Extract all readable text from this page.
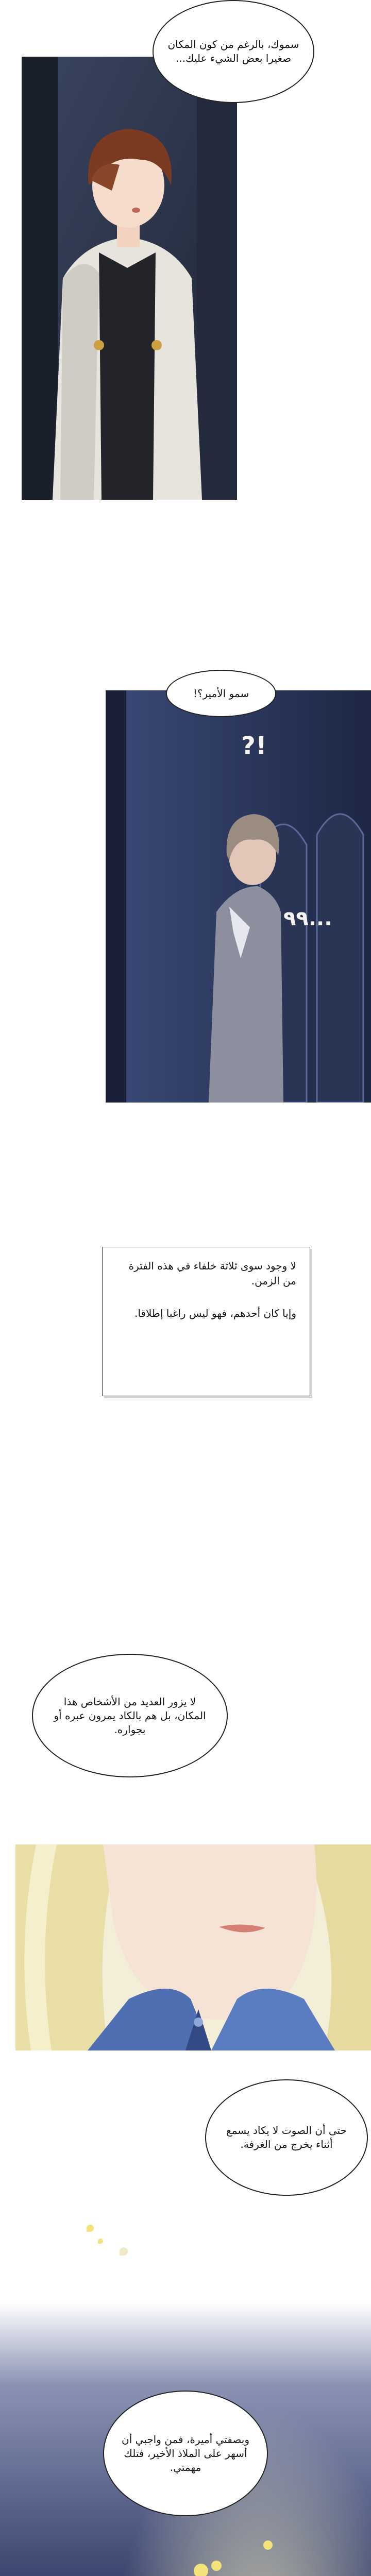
سموك، بالرغم من كون المكان صغيرا بعض الشيء عليك...
سمو الأمير؟!
?!
٩٩...

لا وجود سوى ثلاثة خلفاء في هذه الفترة من الزمن.

وإيا كان أحدهم، فهو ليس راغبا إطلاقا.

لا يزور العديد من الأشخاص هذا المكان، بل هم بالكاد يمرون عبره أو بجواره.
حتى أن الصوت لا يكاد يسمع أثناء يخرج من الغرفة.
وبصفتي أميرة، فمن واجبي أن أسهر على الملاذ الأخير، فتلك مهمتي.
